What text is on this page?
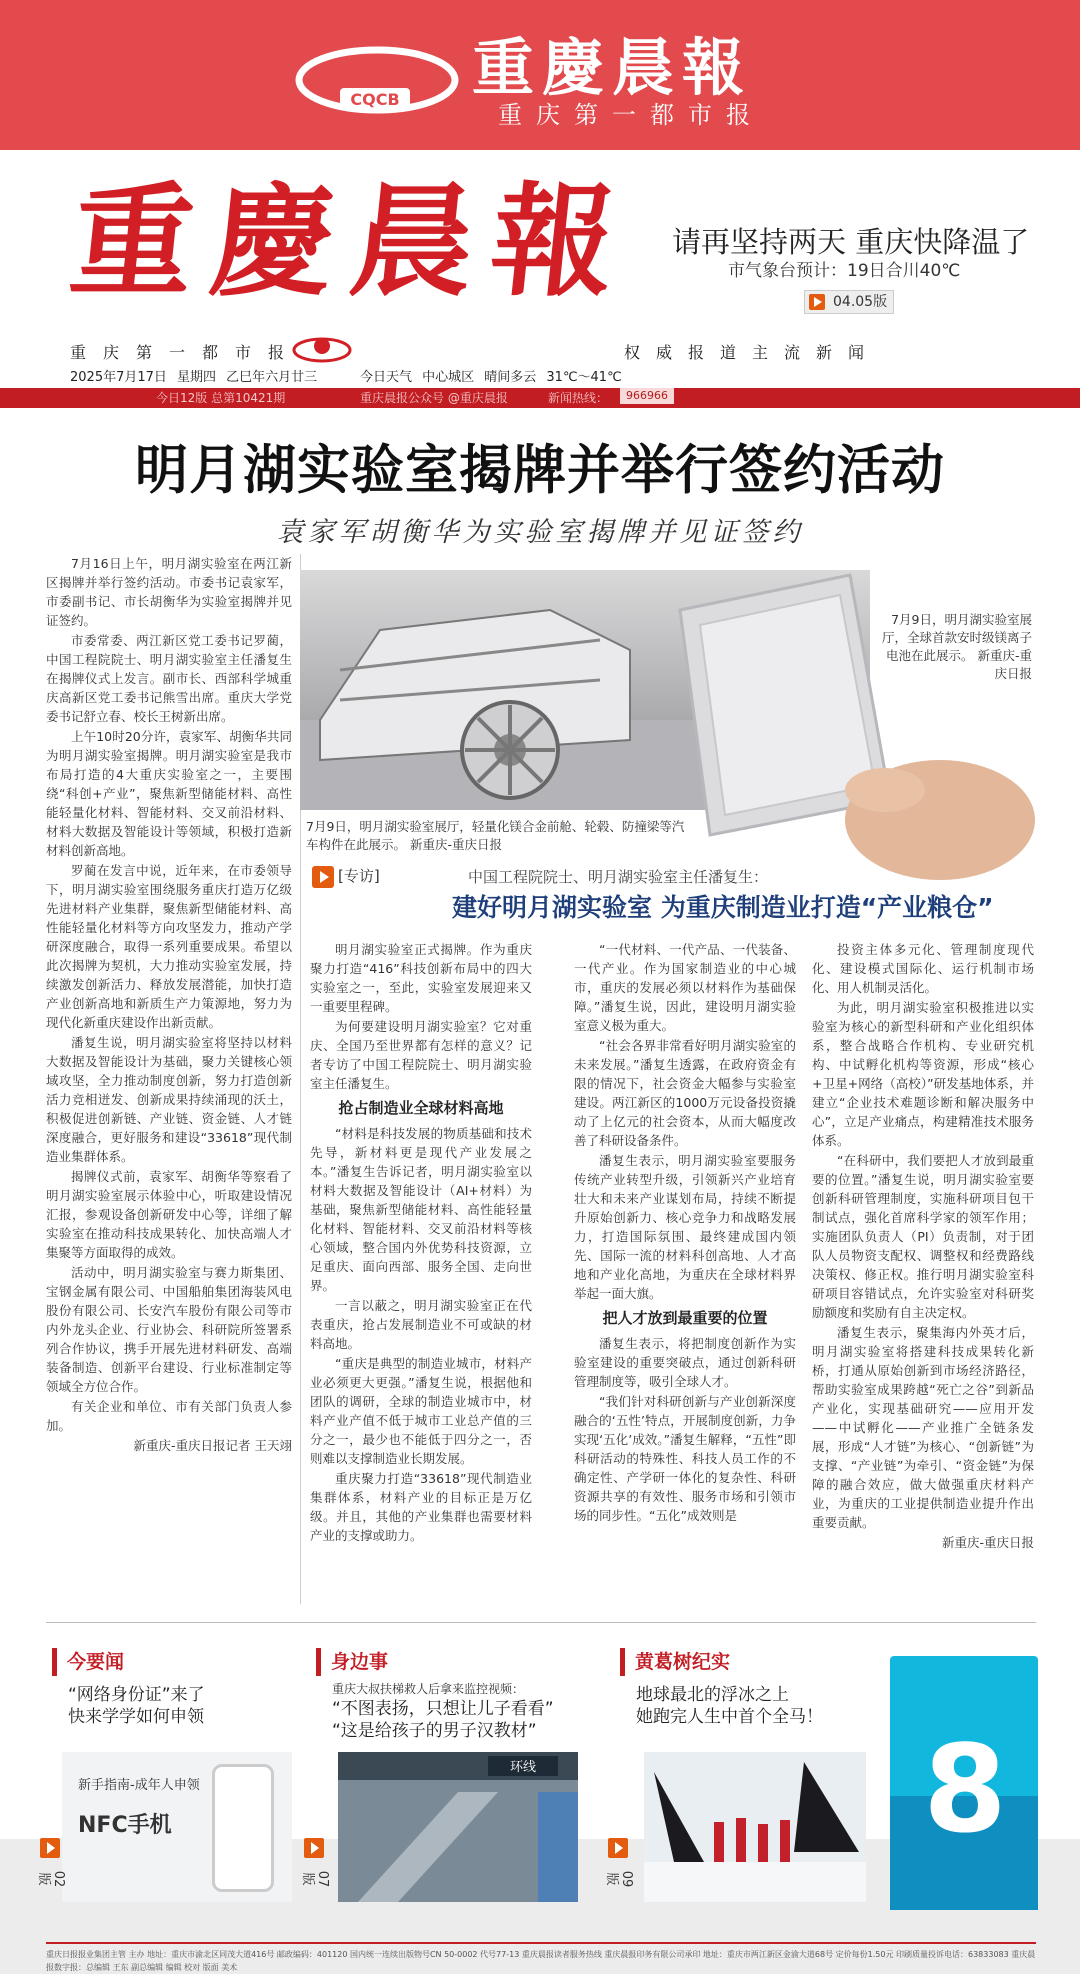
CQCB 重慶晨報
重庆第一都市报
重慶晨報 请再坚持两天 重庆快降温了
市气象台预计：19日合川40℃
04.05版
重庆第一都市报	权威报道主流新闻
2025年7月17日 星期四 乙巳年六月廿三	今日天气 中心城区 晴间多云 31℃～41℃
今日12版 总第10421期	重庆晨报公众号 @重庆晨报	新闻热线：	966966
明月湖实验室揭牌并举行签约活动
袁家军胡衡华为实验室揭牌并见证签约

7月16日上午，明月湖实验室在两江新区揭牌并举行签约活动。市委书记袁家军，市委副书记、市长胡衡华为实验室揭牌并见证签约。

市委常委、两江新区党工委书记罗蔺，中国工程院院士、明月湖实验室主任潘复生在揭牌仪式上发言。副市长、西部科学城重庆高新区党工委书记熊雪出席。重庆大学党委书记舒立春、校长王树新出席。

上午10时20分许，袁家军、胡衡华共同为明月湖实验室揭牌。明月湖实验室是我市布局打造的4大重庆实验室之一，主要围绕“科创+产业”，聚焦新型储能材料、高性能轻量化材料、智能材料、交叉前沿材料、材料大数据及智能设计等领域，积极打造新材料创新高地。

罗蔺在发言中说，近年来，在市委领导下，明月湖实验室围绕服务重庆打造万亿级先进材料产业集群，聚焦新型储能材料、高性能轻量化材料等方向攻坚发力，推动产学研深度融合，取得一系列重要成果。希望以此次揭牌为契机，大力推动实验室发展，持续激发创新活力、释放发展潜能，加快打造产业创新高地和新质生产力策源地，努力为现代化新重庆建设作出新贡献。

潘复生说，明月湖实验室将坚持以材料大数据及智能设计为基础，聚力关键核心领域攻坚，全力推动制度创新，努力打造创新活力竞相迸发、创新成果持续涌现的沃土，积极促进创新链、产业链、资金链、人才链深度融合，更好服务和建设“33618”现代制造业集群体系。

揭牌仪式前，袁家军、胡衡华等察看了明月湖实验室展示体验中心，听取建设情况汇报，参观设备创新研发中心等，详细了解实验室在推动科技成果转化、加快高端人才集聚等方面取得的成效。

活动中，明月湖实验室与赛力斯集团、宝钢金属有限公司、中国船舶集团海装风电股份有限公司、长安汽车股份有限公司等市内外龙头企业、行业协会、科研院所签署系列合作协议，携手开展先进材料研发、高端装备制造、创新平台建设、行业标准制定等领域全方位合作。

有关企业和单位、市有关部门负责人参加。

新重庆-重庆日报记者 王天翊

7月9日，明月湖实验室展厅，轻量化镁合金前舱、轮毂、防撞梁等汽车构件在此展示。 新重庆-重庆日报
7月9日，明月湖实验室展厅，全球首款安时级镁离子电池在此展示。 新重庆-重庆日报
[专访]	中国工程院院士、明月湖实验室主任潘复生：
建好明月湖实验室 为重庆制造业打造“产业粮仓”

明月湖实验室正式揭牌。作为重庆聚力打造“416”科技创新布局中的四大实验室之一，至此，实验室发展迎来又一重要里程碑。

为何要建设明月湖实验室？它对重庆、全国乃至世界都有怎样的意义？记者专访了中国工程院院士、明月湖实验室主任潘复生。

抢占制造业全球材料高地

“材料是科技发展的物质基础和技术先导，新材料更是现代产业发展之本。”潘复生告诉记者，明月湖实验室以材料大数据及智能设计（AI+材料）为基础，聚焦新型储能材料、高性能轻量化材料、智能材料、交叉前沿材料等核心领域，整合国内外优势科技资源，立足重庆、面向西部、服务全国、走向世界。

一言以蔽之，明月湖实验室正在代表重庆，抢占发展制造业不可或缺的材料高地。

“重庆是典型的制造业城市，材料产业必须更大更强。”潘复生说，根据他和团队的调研，全球的制造业城市中，材料产业产值不低于城市工业总产值的三分之一，最少也不能低于四分之一，否则难以支撑制造业长期发展。

重庆聚力打造“33618”现代制造业集群体系，材料产业的目标正是万亿级。并且，其他的产业集群也需要材料产业的支撑或助力。

“一代材料、一代产品、一代装备、一代产业。作为国家制造业的中心城市，重庆的发展必须以材料作为基础保障。”潘复生说，因此，建设明月湖实验室意义极为重大。

“社会各界非常看好明月湖实验室的未来发展。”潘复生透露，在政府资金有限的情况下，社会资金大幅参与实验室建设。两江新区的1000万元设备投资撬动了上亿元的社会资本，从而大幅度改善了科研设备条件。

潘复生表示，明月湖实验室要服务传统产业转型升级，引领新兴产业培育壮大和未来产业谋划布局，持续不断提升原始创新力、核心竞争力和战略发展力，打造国际氛围、最终建成国内领先、国际一流的材料科创高地、人才高地和产业化高地，为重庆在全球材料界举起一面大旗。

把人才放到最重要的位置

潘复生表示，将把制度创新作为实验室建设的重要突破点，通过创新科研管理制度等，吸引全球人才。

“我们针对科研创新与产业创新深度融合的‘五性’特点，开展制度创新，力争实现‘五化’成效。”潘复生解释，“五性”即科研活动的特殊性、科技人员工作的不确定性、产学研一体化的复杂性、科研资源共享的有效性、服务市场和引领市场的同步性。“五化”成效则是

投资主体多元化、管理制度现代化、建设模式国际化、运行机制市场化、用人机制灵活化。

为此，明月湖实验室积极推进以实验室为核心的新型科研和产业化组织体系，整合战略合作机构、专业研究机构、中试孵化机构等资源，形成“核心+卫星+网络（高校）”研发基地体系，并建立“企业技术难题诊断和解决服务中心”，立足产业痛点，构建精准技术服务体系。

“在科研中，我们要把人才放到最重要的位置。”潘复生说，明月湖实验室要创新科研管理制度，实施科研项目包干制试点，强化首席科学家的领军作用；实施团队负责人（PI）负责制，对于团队人员物资支配权、调整权和经费路线决策权、修正权。推行明月湖实验室科研项目容错试点，允许实验室对科研奖励额度和奖励有自主决定权。

潘复生表示，聚集海内外英才后，明月湖实验室将搭建科技成果转化新桥，打通从原始创新到市场经济路径，帮助实验室成果跨越“死亡之谷”到新品产业化，实现基础研究——应用开发——中试孵化——产业推广全链条发展，形成“人才链”为核心、“创新链”为支撑、“产业链”为牵引、“资金链”为保障的融合效应，做大做强重庆材料产业，为重庆的工业提供制造业提升作出重要贡献。

新重庆-重庆日报

今要闻
“网络身份证”来了
快来学学如何申领
新手指南-成年人申领
NFC手机
02版
身边事
重庆大叔扶梯救人后拿来监控视频：
“不图表扬，只想让儿子看看”
“这是给孩子的男子汉教材”
环线
07版
黄葛树纪实
地球最北的浮冰之上
她跑完人生中首个全马！
09版
8
重庆日报报业集团主管 主办 地址：重庆市渝北区同茂大道416号 邮政编码：401120 国内统一连续出版物号CN 50-0002 代号77-13 重庆晨报读者服务热线 重庆晨报印务有限公司承印 地址：重庆市两江新区金渝大道68号 定价每份1.50元 印刷质量投诉电话：63833083 重庆晨报数字报：总编辑 王东 副总编辑 编辑 校对 版面 美术
